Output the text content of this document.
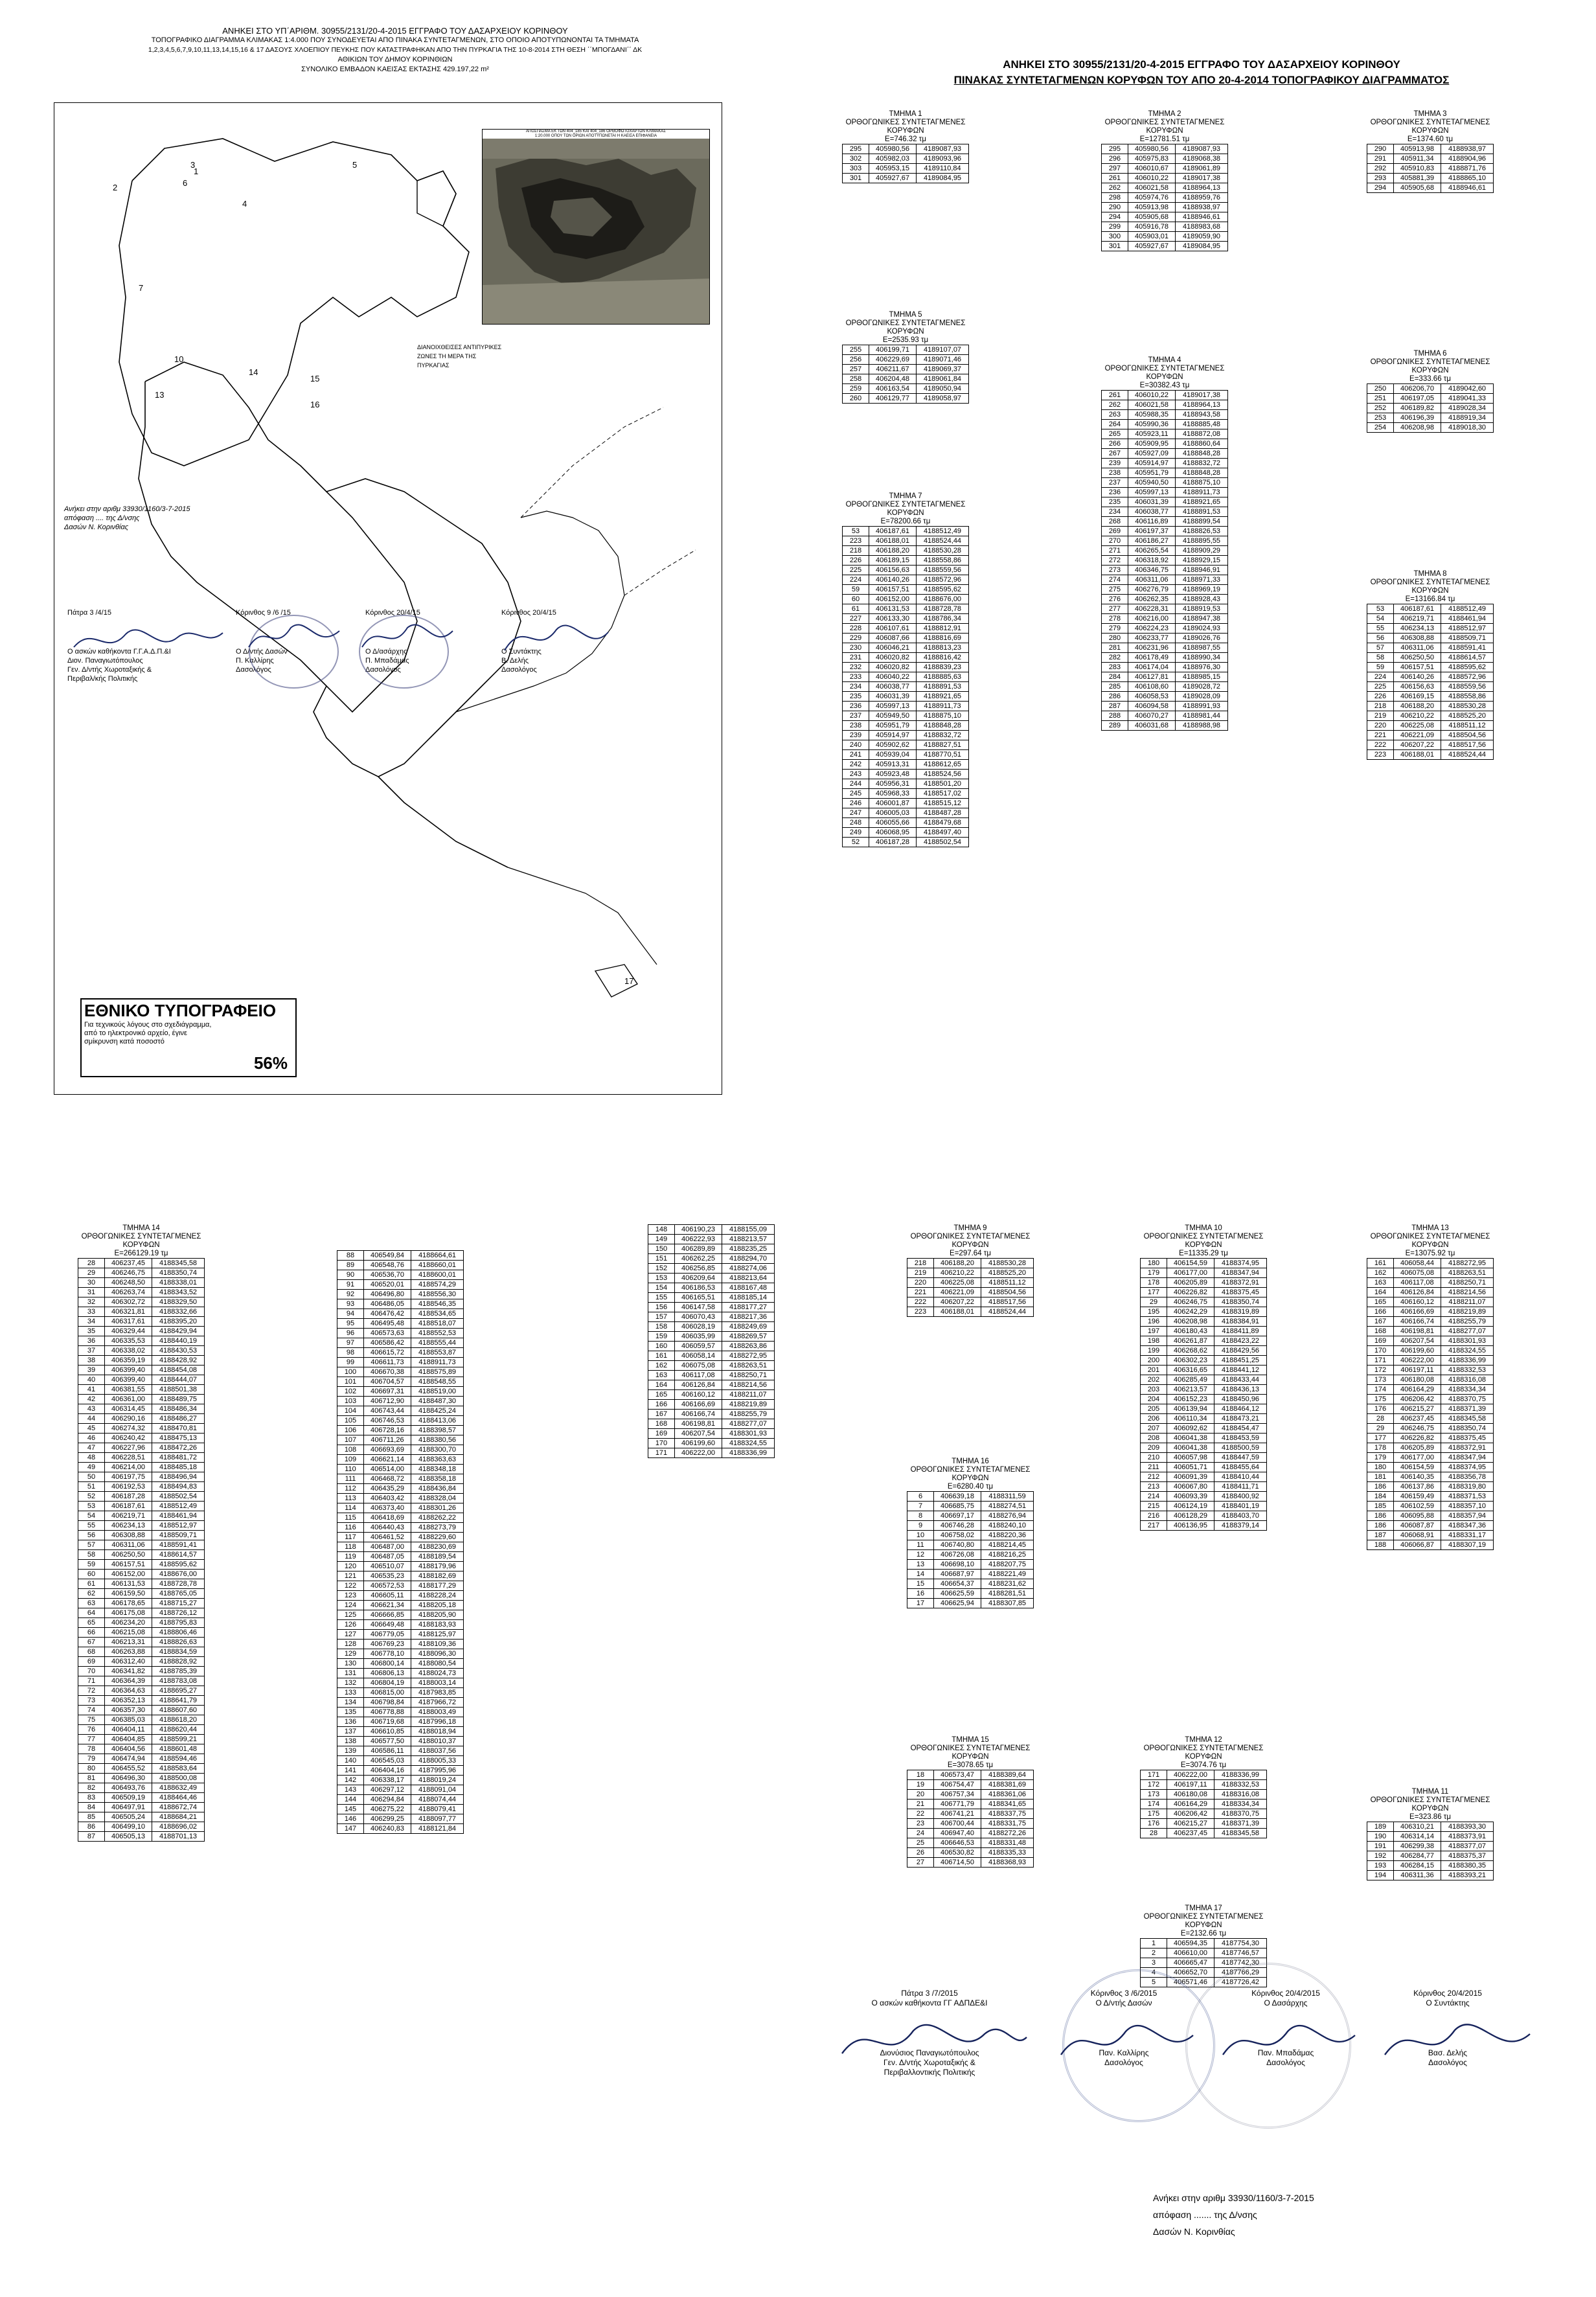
ΑΝΗΚΕΙ ΣΤΟ ΥΠ΄ΑΡΙΘΜ. 30955/2131/20-4-2015 ΕΓΓΡΑΦΟ ΤΟΥ ΔΑΣΑΡΧΕΙΟΥ ΚΟΡΙΝΘΟΥ
ΤΟΠΟΓΡΑΦΙΚΟ ΔΙΑΓΡΑΜΜΑ ΚΛΙΜΑΚΑΣ 1:4.000 ΠΟΥ ΣΥΝΟΔΕΥΕΤΑΙ ΑΠΟ ΠΙΝΑΚΑ ΣΥΝΤΕΤΑΓΜΕΝΩΝ, ΣΤΟ ΟΠΟΙΟ ΑΠΟΤΥΠΩΝΟΝΤΑΙ ΤΑ ΤΜΗΜΑΤΑ
1,2,3,4,5,6,7,9,10,11,13,14,15,16 & 17 ΔΑΣΟΥΣ ΧΛΟΕΠΙΟΥ ΠΕΥΚΗΣ ΠΟΥ ΚΑΤΑΣΤΡΑΦΗΚΑΝ ΑΠΟ ΤΗΝ ΠΥΡΚΑΓΙΑ ΤΗΣ 10-8-2014 ΣΤΗ ΘΕΣΗ ΄΄ΜΠΟΓΔΑΝΙ΄΄ ΔΚ
ΑΘΙΚΙΩΝ ΤΟΥ ΔΗΜΟΥ ΚΟΡΙΝΘΙΩΝ
ΣΥΝΟΛΙΚΟ ΕΜΒΑΔΟΝ ΚΑΕΙΣΑΣ ΕΚΤΑΣΗΣ 429.197,22 m²
5
2	6
4
7
10
14
13
15
16
17
3
1
ΑΠΟΣΠΑΣΜΑ ΕΚ ΤΩΝ 404_185 ΚΑΙ 404_186 ΟΡΘΟΦΩΤΟΧΑΡΤΩΝ ΚΛΙΜΑΚΑΣ
1:20.000 ΟΠΟΥ ΤΩΝ ΟΡΙΩΝ ΑΠΟΤΥΠΩΝΕΤΑΙ Η ΚΑΕΙΣΑ ΕΠΙΦΑΝΕΙΑ
ΔΙΑΝΟΙΧΘΕΙΣΕΣ ΑΝΤΙΠΥΡΙΚΕΣ
ΖΩΝΕΣ ΤΗ ΜΕΡΑ ΤΗΣ
ΠΥΡΚΑΓΙΑΣ
Ανήκει στην αριθμ 33930/1160/3-7-2015
απόφαση .... της Δ/νσης
Δασών Ν. Κορινθίας
Πάτρα 3 /4/15
Ο ασκών καθήκοντα Γ.Γ.Α.Δ.Π.&Ι
Διον. Παναγιωτόπουλος
Γεν. Δ/ντής Χωροταξικής &
Περιβαλ/κής Πολιτικής
Κόρινθος 9 /6 /15
Ο Δ/ντής Δασών
Π. Καλλίρης
Δασολόγος
Κόρινθος 20/4/15
Ο Δ/ασάρχης
Π. Μπαδάμας
Δασολόγος
Κόρινθος 20/4/15
Ο Συντάκτης
Β. Δελής
Δασολόγος
ΕΘΝΙΚΟ ΤΥΠΟΓΡΑΦΕΙΟ
Για τεχνικούς λόγους στο σχεδιάγραμμα,
από το ηλεκτρονικό αρχείο, έγινε
σμίκρυνση κατά ποσοστό
56%
ΑΝΗΚΕΙ ΣΤΟ 30955/2131/20-4-2015 ΕΓΓΡΑΦΟ ΤΟΥ ΔΑΣΑΡΧΕΙΟΥ ΚΟΡΙΝΘΟΥ
ΠΙΝΑΚΑΣ ΣΥΝΤΕΤΑΓΜΕΝΩΝ ΚΟΡΥΦΩΝ ΤΟΥ ΑΠΟ 20-4-2014 ΤΟΠΟΓΡΑΦΙΚΟΥ ΔΙΑΓΡΑΜΜΑΤΟΣ
ΤΜΗΜΑ 1
ΟΡΘΟΓΩΝΙΚΕΣ ΣΥΝΤΕΤΑΓΜΕΝΕΣ
ΚΟΡΥΦΩΝ
Ε=746.32 τμ
295	405980,56	4189087,93
302	405982,03	4189093,96
303	405953,15	4189110,84
301	405927,67	4189084,95
ΤΜΗΜΑ 2
ΟΡΘΟΓΩΝΙΚΕΣ ΣΥΝΤΕΤΑΓΜΕΝΕΣ
ΚΟΡΥΦΩΝ
Ε=12781.51 τμ
295	405980,56	4189087,93
296	405975,83	4189068,38
297	406010,67	4189061,89
261	406010,22	4189017,38
262	406021,58	4188964,13
298	405974,76	4188959,76
290	405913,98	4188938,97
294	405905,68	4188946,61
299	405916,78	4188983,68
300	405903,01	4189059,90
301	405927,67	4189084,95
ΤΜΗΜΑ 3
ΟΡΘΟΓΩΝΙΚΕΣ ΣΥΝΤΕΤΑΓΜΕΝΕΣ
ΚΟΡΥΦΩΝ
Ε=1374.60 τμ
290	405913,98	4188938,97
291	405911,34	4188904,96
292	405910,83	4188871,76
293	405881,39	4188865,10
294	405905,68	4188946,61
ΤΜΗΜΑ 5
ΟΡΘΟΓΩΝΙΚΕΣ ΣΥΝΤΕΤΑΓΜΕΝΕΣ
ΚΟΡΥΦΩΝ
Ε=2535.93 τμ
255	406199,71	4189107,07
256	406229,69	4189071,46
257	406211,67	4189069,37
258	406204,48	4189061,84
259	406163,54	4189050,94
260	406129,77	4189058,97
ΤΜΗΜΑ 4
ΟΡΘΟΓΩΝΙΚΕΣ ΣΥΝΤΕΤΑΓΜΕΝΕΣ
ΚΟΡΥΦΩΝ
Ε=30382.43 τμ
261	406010,22	4189017,38
262	406021,58	4188964,13
263	405988,35	4188943,58
264	405990,36	4188885,48
265	405923,11	4188872,08
266	405909,95	4188860,64
267	405927,09	4188848,28
239	405914,97	4188832,72
238	405951,79	4188848,28
237	405940,50	4188875,10
236	405997,13	4188911,73
235	406031,39	4188921,65
234	406038,77	4188891,53
268	406116,89	4188899,54
269	406197,37	4188826,53
270	406186,27	4188895,55
271	406265,54	4188909,29
272	406318,92	4188929,15
273	406346,75	4188946,91
274	406311,06	4188971,33
275	406276,79	4188969,19
276	406262,35	4188928,43
277	406228,31	4188919,53
278	406216,00	4188947,38
279	406224,23	4189024,93
280	406233,77	4189026,76
281	406231,96	4188987,55
282	406178,49	4188990,34
283	406174,04	4188976,30
284	406127,81	4188985,15
285	406108,60	4189028,72
286	406058,53	4189028,09
287	406094,58	4188991,93
288	406070,27	4188981,44
289	406031,68	4188988,98
ΤΜΗΜΑ 6
ΟΡΘΟΓΩΝΙΚΕΣ ΣΥΝΤΕΤΑΓΜΕΝΕΣ
ΚΟΡΥΦΩΝ
Ε=333.66 τμ
250	406206,70	4189042,60
251	406197,05	4189041,33
252	406189,82	4189028,34
253	406196,39	4188919,34
254	406208,98	4189018,30
ΤΜΗΜΑ 8
ΟΡΘΟΓΩΝΙΚΕΣ ΣΥΝΤΕΤΑΓΜΕΝΕΣ
ΚΟΡΥΦΩΝ
Ε=13166.84 τμ
53	406187,61	4188512,49
54	406219,71	4188461,94
55	406234,13	4188512,97
56	406308,88	4188509,71
57	406311,06	4188591,41
58	406250,50	4188614,57
59	406157,51	4188595,62
224	406140,26	4188572,96
225	406156,63	4188559,56
226	406169,15	4188558,86
218	406188,20	4188530,28
219	406210,22	4188525,20
220	406225,08	4188511,12
221	406221,09	4188504,56
222	406207,22	4188517,56
223	406188,01	4188524,44
ΤΜΗΜΑ 7
ΟΡΘΟΓΩΝΙΚΕΣ ΣΥΝΤΕΤΑΓΜΕΝΕΣ
ΚΟΡΥΦΩΝ
Ε=78200.66 τμ
53	406187,61	4188512,49
223	406188,01	4188524,44
218	406188,20	4188530,28
226	406189,15	4188558,86
225	406156,63	4188559,56
224	406140,26	4188572,96
59	406157,51	4188595,62
60	406152,00	4188676,00
61	406131,53	4188728,78
227	406133,30	4188786,34
228	406107,61	4188812,91
229	406087,66	4188816,69
230	406046,21	4188813,23
231	406020,82	4188816,42
232	406020,82	4188839,23
233	406040,22	4188885,63
234	406038,77	4188891,53
235	406031,39	4188921,65
236	405997,13	4188911,73
237	405949,50	4188875,10
238	405951,79	4188848,28
239	405914,97	4188832,72
240	405902,62	4188827,51
241	405939,04	4188770,51
242	405913,31	4188612,65
243	405923,48	4188524,56
244	405956,31	4188501,20
245	405968,33	4188517,02
246	406001,87	4188515,12
247	406005,03	4188487,28
248	406055,66	4188479,68
249	406068,95	4188497,40
52	406187,28	4188502,54
ΤΜΗΜΑ 14
ΟΡΘΟΓΩΝΙΚΕΣ ΣΥΝΤΕΤΑΓΜΕΝΕΣ
ΚΟΡΥΦΩΝ
Ε=266129.19 τμ
28	406237,45	4188345,58
29	406246,75	4188350,74
30	406248,50	4188338,01
31	406263,74	4188343,52
32	406302,72	4188329,50
33	406321,81	4188332,66
34	406317,61	4188395,20
35	406329,44	4188429,94
36	406335,53	4188440,19
37	406338,02	4188430,53
38	406359,19	4188428,92
39	406399,40	4188454,08
40	406399,40	4188444,07
41	406381,55	4188501,38
42	406361,00	4188489,75
43	406314,45	4188486,34
44	406290,16	4188486,27
45	406274,32	4188470,81
46	406240,42	4188475,13
47	406227,96	4188472,26
48	406228,51	4188481,72
49	406214,00	4188485,18
50	406197,75	4188496,94
51	406192,53	4188494,83
52	406187,28	4188502,54
53	406187,61	4188512,49
54	406219,71	4188461,94
55	406234,13	4188512,97
56	406308,88	4188509,71
57	406311,06	4188591,41
58	406250,50	4188614,57
59	406157,51	4188595,62
60	406152,00	4188676,00
61	406131,53	4188728,78
62	406159,50	4188765,05
63	406178,65	4188715,27
64	406175,08	4188726,12
65	406234,20	4188795,83
66	406215,08	4188806,46
67	406213,31	4188826,63
68	406263,88	4188834,59
69	406312,40	4188828,92
70	406341,82	4188785,39
71	406364,39	4188783,08
72	406364,63	4188695,27
73	406352,13	4188641,79
74	406357,30	4188607,60
75	406385,03	4188618,20
76	406404,11	4188620,44
77	406404,85	4188599,21
78	406404,56	4188601,48
79	406474,94	4188594,46
80	406455,52	4188583,64
81	406496,30	4188500,08
82	406493,76	4188632,49
83	406509,19	4188464,46
84	406497,91	4188672,74
85	406505,24	4188684,21
86	406499,10	4188696,02
87	406505,13	4188701,13
88	406549,84	4188664,61
89	406548,76	4188660,01
90	406536,70	4188600,01
91	406520,01	4188574,29
92	406496,80	4188556,30
93	406486,05	4188546,35
94	406476,42	4188534,65
95	406495,48	4188518,07
96	406573,63	4188552,53
97	406586,42	4188555,44
98	406615,72	4188553,87
99	406611,73	4188911,73
100	406670,38	4188575,89
101	406704,57	4188548,55
102	406697,31	4188519,00
103	406712,90	4188487,30
104	406743,44	4188425,24
105	406746,53	4188413,06
106	406728,16	4188398,57
107	406711,26	4188380,56
108	406693,69	4188300,70
109	406621,14	4188363,63
110	406514,00	4188348,18
111	406468,72	4188358,18
112	406435,29	4188436,84
113	406403,42	4188328,04
114	406373,40	4188301,26
115	406418,69	4188262,22
116	406440,43	4188273,79
117	406461,52	4188229,60
118	406487,00	4188230,69
119	406487,05	4188189,54
120	406510,07	4188179,96
121	406535,23	4188182,69
122	406572,53	4188177,29
123	406605,11	4188228,24
124	406621,34	4188205,18
125	406666,85	4188205,90
126	406649,48	4188183,93
127	406779,05	4188125,97
128	406769,23	4188109,36
129	406778,10	4188096,30
130	406800,14	4188080,54
131	406806,13	4188024,73
132	406804,19	4188003,14
133	406815,00	4187983,85
134	406798,84	4187966,72
135	406778,88	4188003,49
136	406719,68	4187996,18
137	406610,85	4188018,94
138	406577,50	4188010,37
139	406586,11	4188037,56
140	406545,03	4188005,33
141	406404,16	4187995,96
142	406338,17	4188019,24
143	406297,12	4188091,04
144	406294,84	4188074,44
145	406275,22	4188079,41
146	406299,25	4188097,77
147	406240,83	4188121,84
148	406190,23	4188155,09
149	406222,93	4188213,57
150	406289,89	4188235,25
151	406262,25	4188294,70
152	406256,85	4188274,06
153	406209,64	4188213,64
154	406186,53	4188167,48
155	406165,51	4188185,14
156	406147,58	4188177,27
157	406070,43	4188217,36
158	406028,19	4188249,69
159	406035,99	4188269,57
160	406059,57	4188263,86
161	406058,14	4188272,95
162	406075,08	4188263,51
163	406117,08	4188250,71
164	406126,84	4188214,56
165	406160,12	4188211,07
166	406166,69	4188219,89
167	406166,74	4188255,79
168	406198,81	4188277,07
169	406207,54	4188301,93
170	406199,60	4188324,55
171	406222,00	4188336,99
ΤΜΗΜΑ 9
ΟΡΘΟΓΩΝΙΚΕΣ ΣΥΝΤΕΤΑΓΜΕΝΕΣ
ΚΟΡΥΦΩΝ
Ε=297.64 τμ
218	406188,20	4188530,28
219	406210,22	4188525,20
220	406225,08	4188511,12
221	406221,09	4188504,56
222	406207,22	4188517,56
223	406188,01	4188524,44
ΤΜΗΜΑ 10
ΟΡΘΟΓΩΝΙΚΕΣ ΣΥΝΤΕΤΑΓΜΕΝΕΣ
ΚΟΡΥΦΩΝ
Ε=11335.29 τμ
180	406154,59	4188374,95
179	406177,00	4188347,94
178	406205,89	4188372,91
177	406226,82	4188375,45
29	406246,75	4188350,74
195	406242,29	4188319,89
196	406208,98	4188384,91
197	406180,43	4188411,89
198	406261,87	4188423,22
199	406268,62	4188429,56
200	406302,23	4188451,25
201	406316,65	4188441,12
202	406285,49	4188433,44
203	406213,57	4188436,13
204	406152,23	4188450,96
205	406139,94	4188464,12
206	406110,34	4188473,21
207	406092,62	4188454,47
208	406041,38	4188453,59
209	406041,38	4188500,59
210	406057,98	4188447,59
211	406051,71	4188455,64
212	406091,39	4188410,44
213	406067,80	4188411,71
214	406093,39	4188400,92
215	406124,19	4188401,19
216	406128,29	4188403,70
217	406136,95	4188379,14
ΤΜΗΜΑ 13
ΟΡΘΟΓΩΝΙΚΕΣ ΣΥΝΤΕΤΑΓΜΕΝΕΣ
ΚΟΡΥΦΩΝ
Ε=13075.92 τμ
161	406058,44	4188272,95
162	406075,08	4188263,51
163	406117,08	4188250,71
164	406126,84	4188214,56
165	406160,12	4188211,07
166	406166,69	4188219,89
167	406166,74	4188255,79
168	406198,81	4188277,07
169	406207,54	4188301,93
170	406199,60	4188324,55
171	406222,00	4188336,99
172	406197,11	4188332,53
173	406180,08	4188316,08
174	406164,29	4188334,34
175	406206,42	4188370,75
176	406215,27	4188371,39
28	406237,45	4188345,58
29	406246,75	4188350,74
177	406226,82	4188375,45
178	406205,89	4188372,91
179	406177,00	4188347,94
180	406154,59	4188374,95
181	406140,35	4188356,78
186	406137,86	4188319,80
184	406159,49	4188371,53
185	406102,59	4188357,10
186	406095,88	4188357,94
186	406087,87	4188347,36
187	406068,91	4188331,17
188	406066,87	4188307,19
ΤΜΗΜΑ 16
ΟΡΘΟΓΩΝΙΚΕΣ ΣΥΝΤΕΤΑΓΜΕΝΕΣ
ΚΟΡΥΦΩΝ
Ε=6280.40 τμ
6	406639,18	4188311,59
7	406685,75	4188274,51
8	406697,17	4188276,94
9	406746,28	4188240,10
10	406758,02	4188220,36
11	406740,80	4188214,45
12	406726,08	4188216,25
13	406698,10	4188207,75
14	406687,97	4188221,49
15	406654,37	4188231,62
16	406625,59	4188281,51
17	406625,94	4188307,85
ΤΜΗΜΑ 15
ΟΡΘΟΓΩΝΙΚΕΣ ΣΥΝΤΕΤΑΓΜΕΝΕΣ
ΚΟΡΥΦΩΝ
Ε=3078.65 τμ
18	406573,47	4188389,64
19	406754,47	4188381,69
20	406757,34	4188361,06
21	406771,79	4188341,65
22	406741,21	4188337,75
23	406700,44	4188331,75
24	406947,40	4188272,26
25	406646,53	4188331,48
26	406530,82	4188335,33
27	406714,50	4188368,93
ΤΜΗΜΑ 12
ΟΡΘΟΓΩΝΙΚΕΣ ΣΥΝΤΕΤΑΓΜΕΝΕΣ
ΚΟΡΥΦΩΝ
Ε=3074.76 τμ
171	406222,00	4188336,99
172	406197,11	4188332,53
173	406180,08	4188316,08
174	406164,29	4188334,34
175	406206,42	4188370,75
176	406215,27	4188371,39
28	406237,45	4188345,58
ΤΜΗΜΑ 11
ΟΡΘΟΓΩΝΙΚΕΣ ΣΥΝΤΕΤΑΓΜΕΝΕΣ
ΚΟΡΥΦΩΝ
Ε=323.86 τμ
189	406310,21	4188393,30
190	406314,14	4188373,91
191	406299,38	4188377,07
192	406284,77	4188375,37
193	406284,15	4188380,35
194	406311,36	4188393,21
ΤΜΗΜΑ 17
ΟΡΘΟΓΩΝΙΚΕΣ ΣΥΝΤΕΤΑΓΜΕΝΕΣ
ΚΟΡΥΦΩΝ
Ε=2132.66 τμ
1	406594,35	4187754,30
2	406610,00	4187746,57
3	406665,47	4187742,30
4	406652,70	4187766,29
5	406571,46	4187726,42
Πάτρα 3 /7/2015
Ο ασκών καθήκοντα ΓΓ ΑΔΠΔΕ&Ι
Διονύσιος Παναγιωτόπουλος
Γεν. Δ/ντής Χωροταξικής &
Περιβαλλοντικής Πολιτικής
Κόρινθος 3 /6/2015
Ο Δ/ντής Δασών
Παν. Καλλίρης
Δασολόγος
Κόρινθος 20/4/2015
Ο Δασάρχης
Παν. Μπαδάμας
Δασολόγος
Κόρινθος 20/4/2015
Ο Συντάκτης
Βασ. Δελής
Δασολόγος
Ανήκει στην αριθμ 33930/1160/3-7-2015
απόφαση ....... της Δ/νσης
Δασών Ν. Κορινθίας
